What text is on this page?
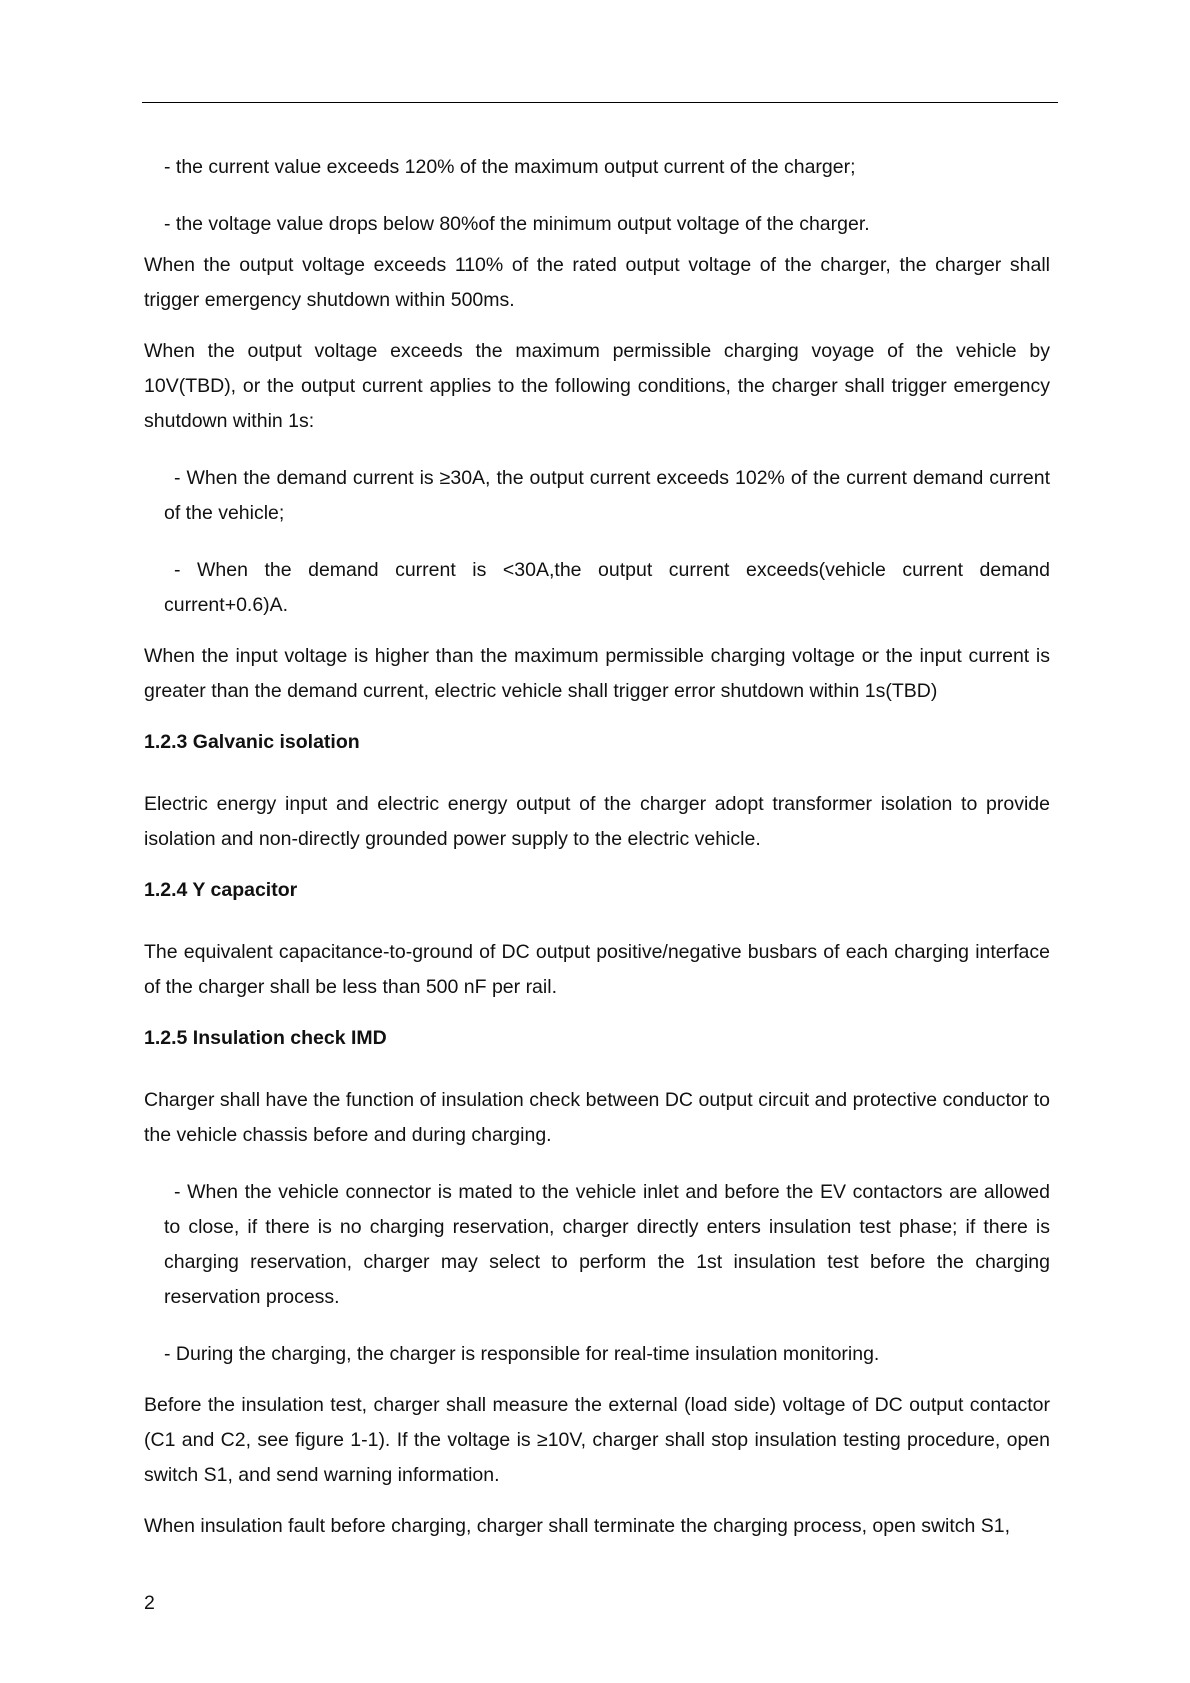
- the current value exceeds 120% of the maximum output current of the charger;

- the voltage value drops below 80%of the minimum output voltage of the charger.

When the output voltage exceeds 110% of the rated output voltage of the charger, the charger shall trigger emergency shutdown within 500ms.

When the output voltage exceeds the maximum permissible charging voyage of the vehicle by 10V(TBD), or the output current applies to the following conditions, the charger shall trigger emergency shutdown within 1s:

- When the demand current is ≥30A, the output current exceeds 102% of the current demand current of the vehicle;

- When the demand current is <30A,the output current exceeds(vehicle current demand current+0.6)A.

When the input voltage is higher than the maximum permissible charging voltage or the input current is greater than the demand current, electric vehicle shall trigger error shutdown within 1s(TBD)

1.2.3 Galvanic isolation

Electric energy input and electric energy output of the charger adopt transformer isolation to provide isolation and non-directly grounded power supply to the electric vehicle.

1.2.4 Y capacitor

The equivalent capacitance-to-ground of DC output positive/negative busbars of each charging interface of the charger shall be less than 500 nF per rail.

1.2.5 Insulation check IMD

Charger shall have the function of insulation check between DC output circuit and protective conductor to the vehicle chassis before and during charging.

- When the vehicle connector is mated to the vehicle inlet and before the EV contactors are allowed to close, if there is no charging reservation, charger directly enters insulation test phase; if there is charging reservation, charger may select to perform the 1st insulation test before the charging reservation process.

- During the charging, the charger is responsible for real-time insulation monitoring.

Before the insulation test, charger shall measure the external (load side) voltage of DC output contactor (C1 and C2, see figure 1-1). If the voltage is ≥10V, charger shall stop insulation testing procedure, open switch S1, and send warning information.

When insulation fault before charging, charger shall terminate the charging process, open switch S1,

2
